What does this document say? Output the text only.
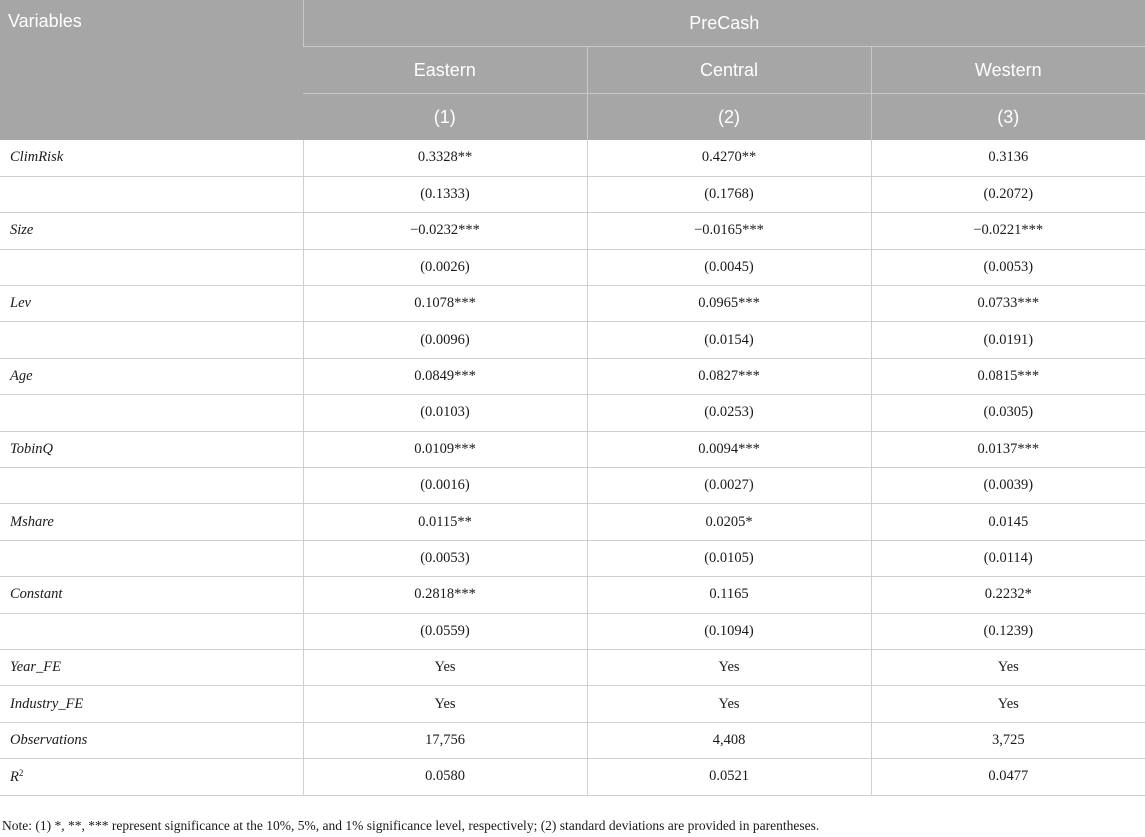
Variables	PreCash		
	Eastern	Central	Western
	(1)	(2)	(3)
ClimRisk	0.3328**	0.4270**	0.3136
	(0.1333)	(0.1768)	(0.2072)
Size	−0.0232***	−0.0165***	−0.0221***
	(0.0026)	(0.0045)	(0.0053)
Lev	0.1078***	0.0965***	0.0733***
	(0.0096)	(0.0154)	(0.0191)
Age	0.0849***	0.0827***	0.0815***
	(0.0103)	(0.0253)	(0.0305)
TobinQ	0.0109***	0.0094***	0.0137***
	(0.0016)	(0.0027)	(0.0039)
Mshare	0.0115**	0.0205*	0.0145
	(0.0053)	(0.0105)	(0.0114)
Constant	0.2818***	0.1165	0.2232*
	(0.0559)	(0.1094)	(0.1239)
Year_FE	Yes	Yes	Yes
Industry_FE	Yes	Yes	Yes
Observations	17,756	4,408	3,725
$R^2$	0.0580	0.0521	0.0477
Note: (1) *, **, *** represent significance at the 10%, 5%, and 1% significance level, respectively; (2) standard deviations are provided in parentheses.
